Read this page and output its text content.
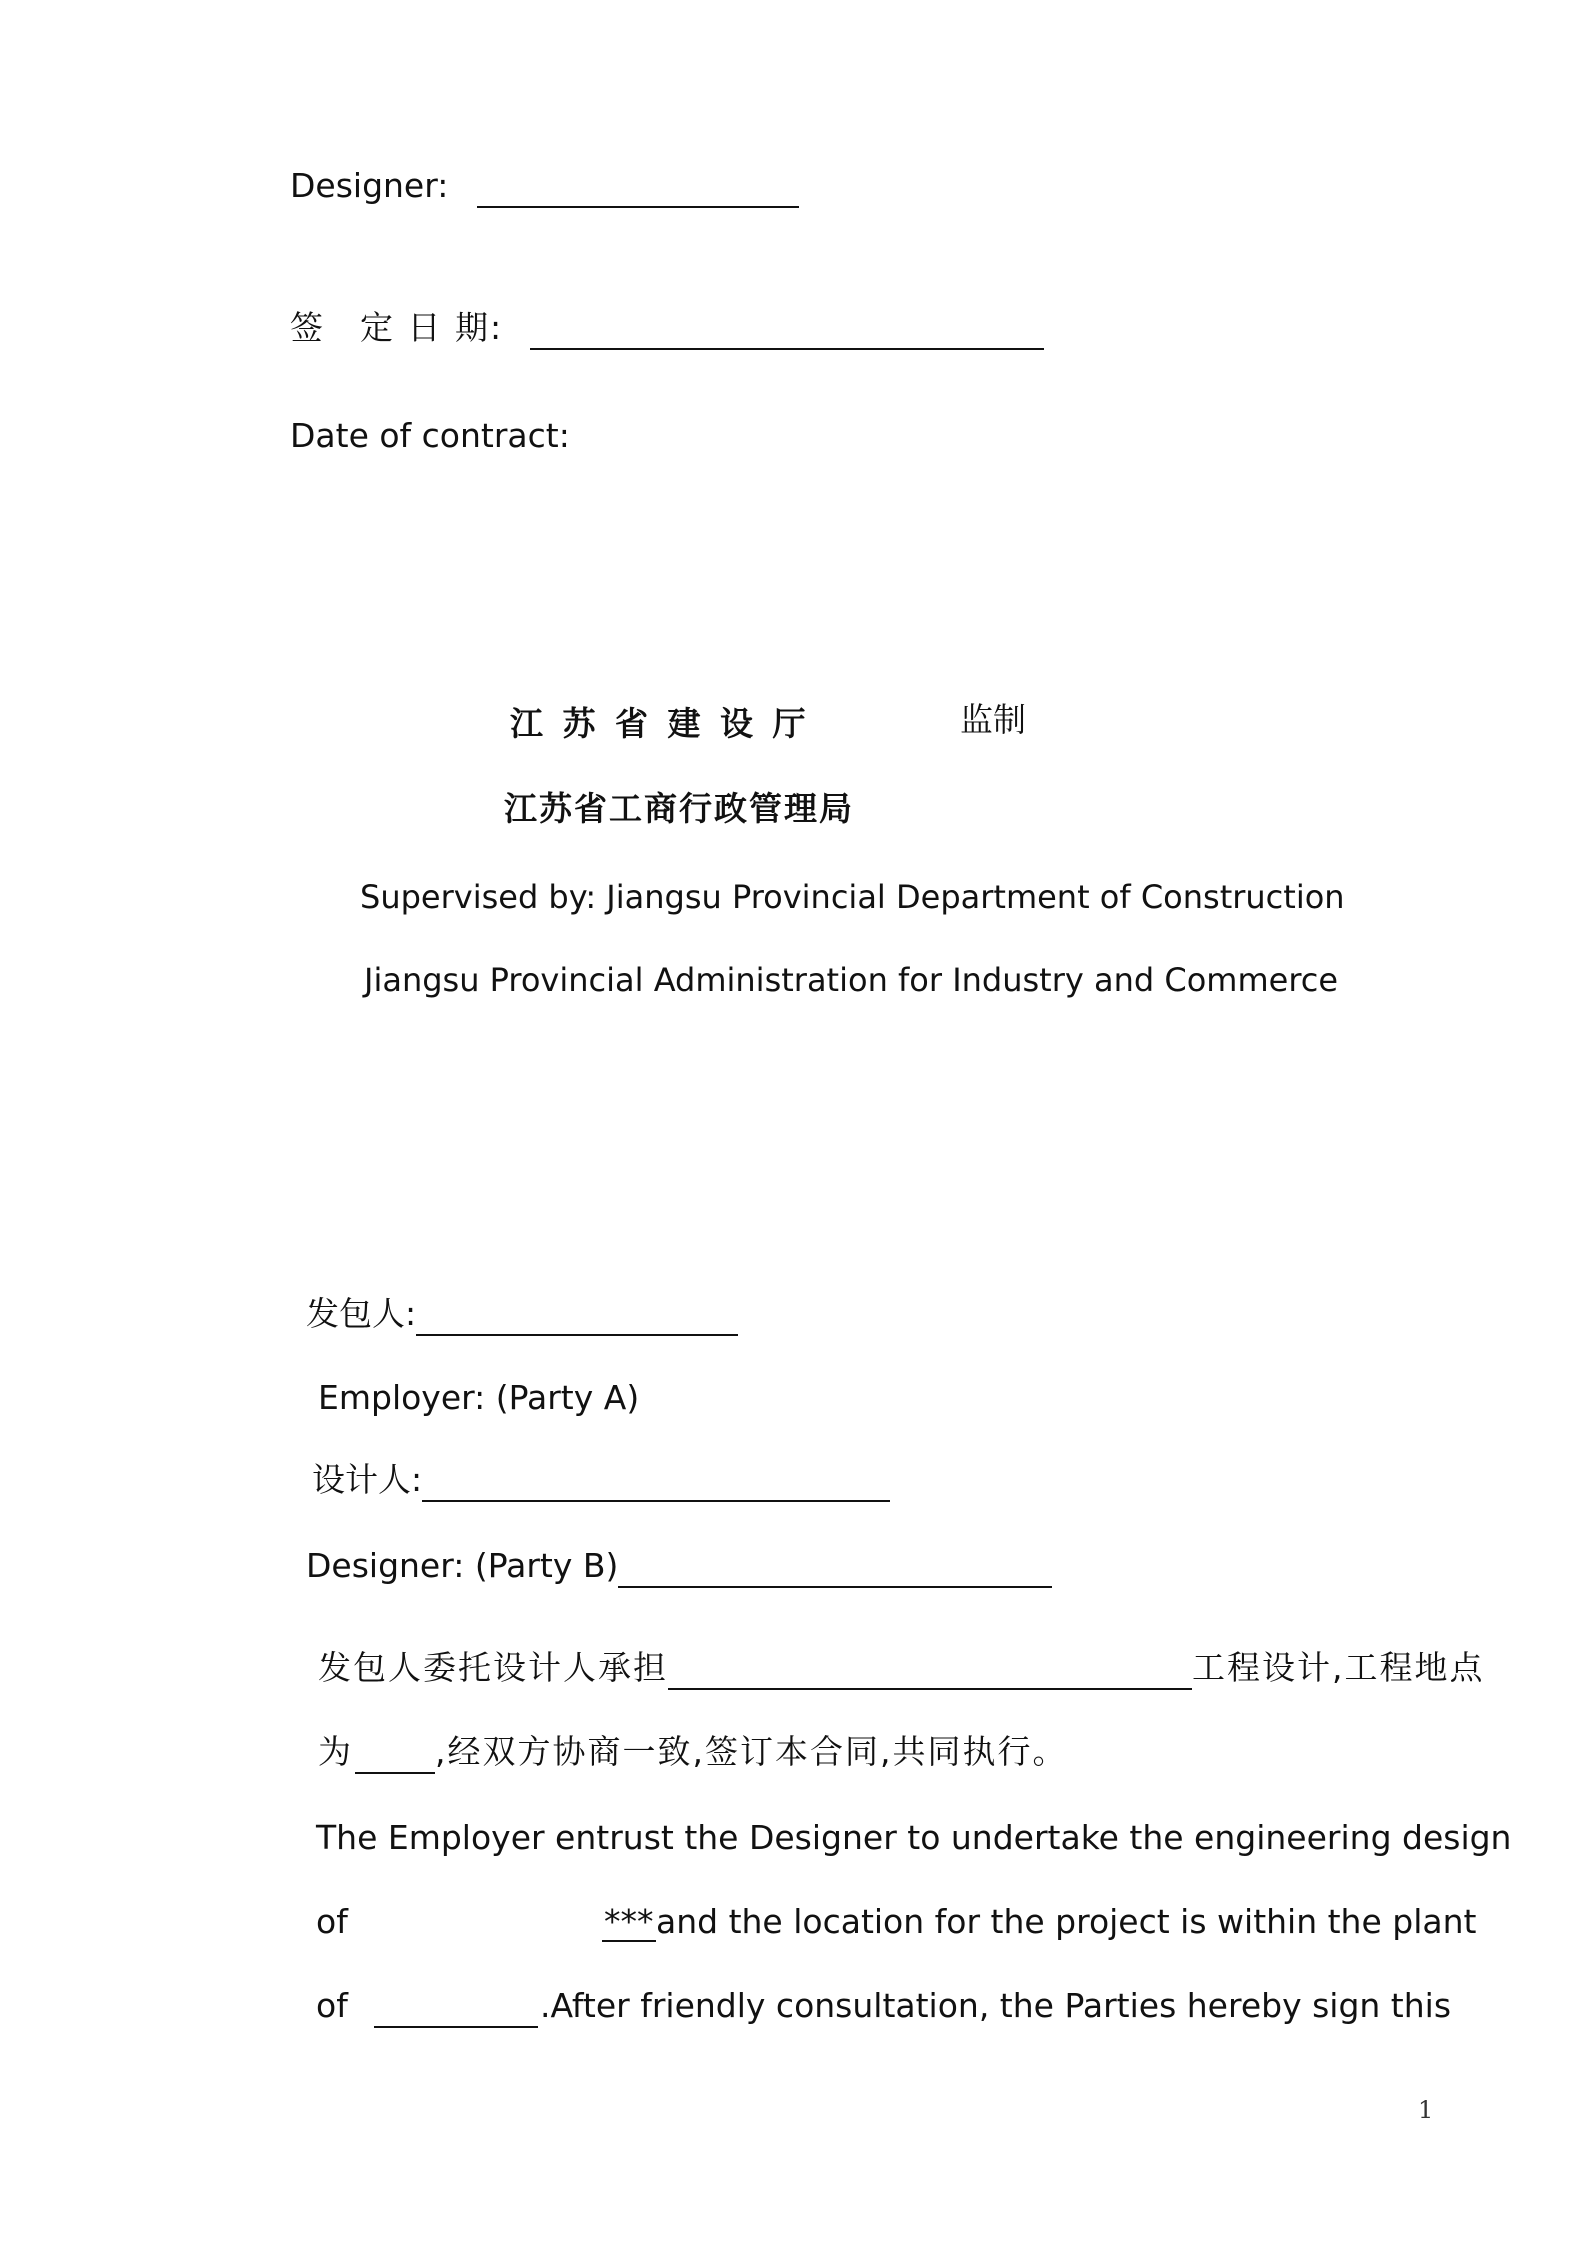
Designer:
签　定 日 期:
Date of contract:
江 苏 省 建 设 厅	监制
江苏省工商行政管理局
Supervised by: Jiangsu Provincial Department of Construction
Jiangsu Provincial Administration for Industry and Commerce
发包人:
Employer: (Party A)
设计人:
Designer: (Party B)
发包人委托设计人承担	工程设计,工程地点
为 ,经双方协商一致,签订本合同,共同执行。
The Employer entrust the Designer to undertake the engineering design
of	*** and the location for the project is within the plant
of	.After friendly consultation, the Parties hereby sign this
1
